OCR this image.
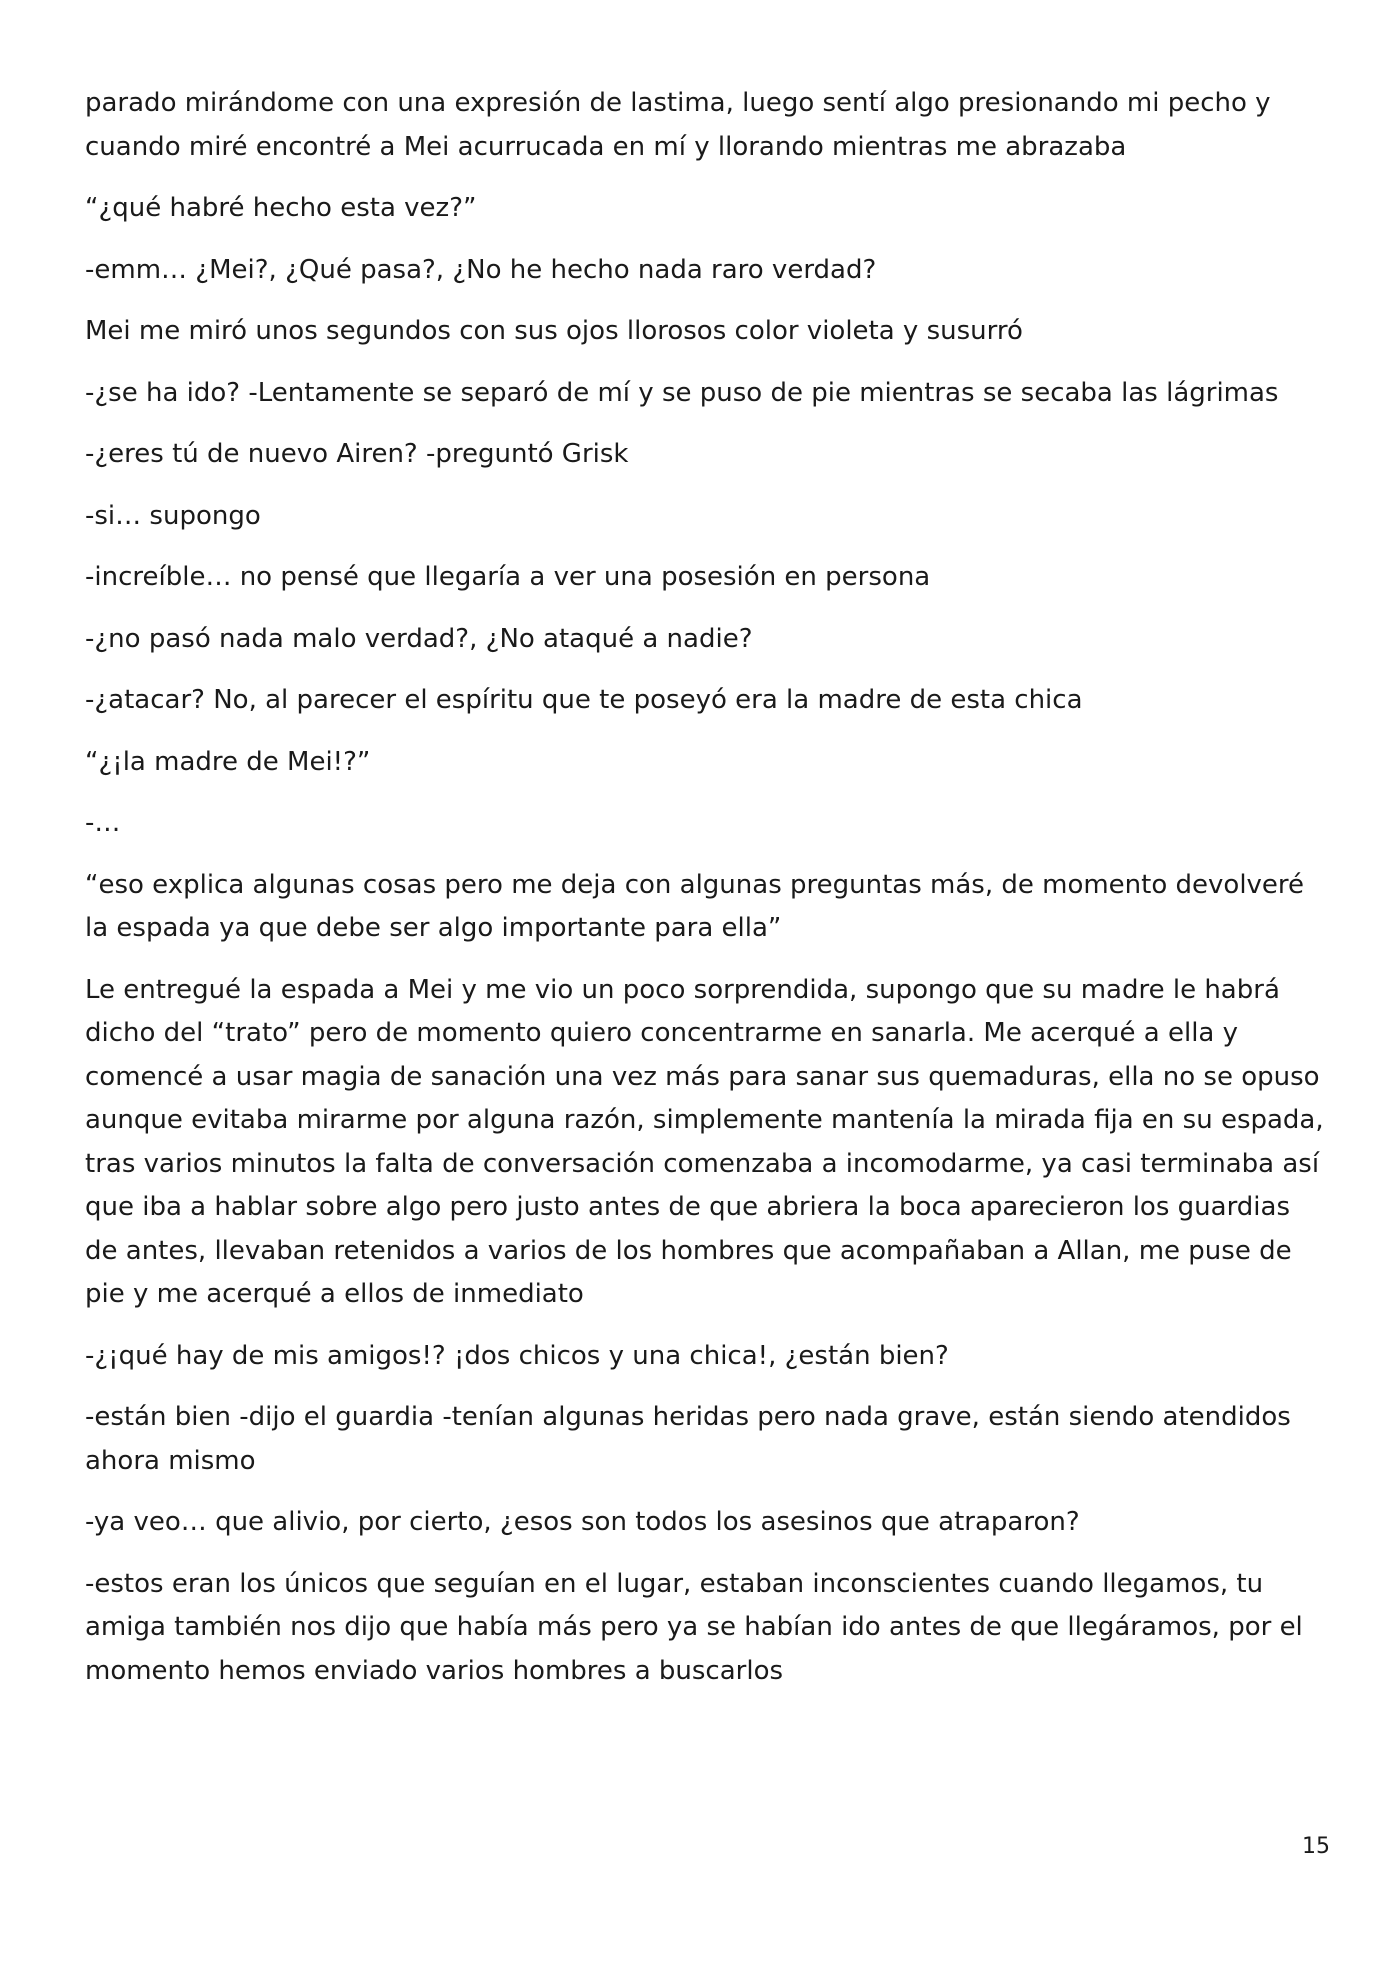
parado mirándome con una expresión de lastima, luego sentí algo presionando mi pecho y cuando miré encontré a Mei acurrucada en mí y llorando mientras me abrazaba

“¿qué habré hecho esta vez?”

-emm… ¿Mei?, ¿Qué pasa?, ¿No he hecho nada raro verdad?

Mei me miró unos segundos con sus ojos llorosos color violeta y susurró

-¿se ha ido? -Lentamente se separó de mí y se puso de pie mientras se secaba las lágrimas

-¿eres tú de nuevo Airen? -preguntó Grisk

-si… supongo

-increíble… no pensé que llegaría a ver una posesión en persona

-¿no pasó nada malo verdad?, ¿No ataqué a nadie?

-¿atacar? No, al parecer el espíritu que te poseyó era la madre de esta chica

“¿¡la madre de Mei!?”

-…

“eso explica algunas cosas pero me deja con algunas preguntas más, de momento devolveré la espada ya que debe ser algo importante para ella”

Le entregué la espada a Mei y me vio un poco sorprendida, supongo que su madre le habrá dicho del “trato” pero de momento quiero concentrarme en sanarla. Me acerqué a ella y comencé a usar magia de sanación una vez más para sanar sus quemaduras, ella no se opuso aunque evitaba mirarme por alguna razón, simplemente mantenía la mirada fija en su espada, tras varios minutos la falta de conversación comenzaba a incomodarme, ya casi terminaba así que iba a hablar sobre algo pero justo antes de que abriera la boca aparecieron los guardias de antes, llevaban retenidos a varios de los hombres que acompañaban a Allan, me puse de pie y me acerqué a ellos de inmediato

-¿¡qué hay de mis amigos!? ¡dos chicos y una chica!, ¿están bien?

-están bien -dijo el guardia -tenían algunas heridas pero nada grave, están siendo atendidos ahora mismo

-ya veo… que alivio, por cierto, ¿esos son todos los asesinos que atraparon?

-estos eran los únicos que seguían en el lugar, estaban inconscientes cuando llegamos, tu amiga también nos dijo que había más pero ya se habían ido antes de que llegáramos, por el momento hemos enviado varios hombres a buscarlos

15
